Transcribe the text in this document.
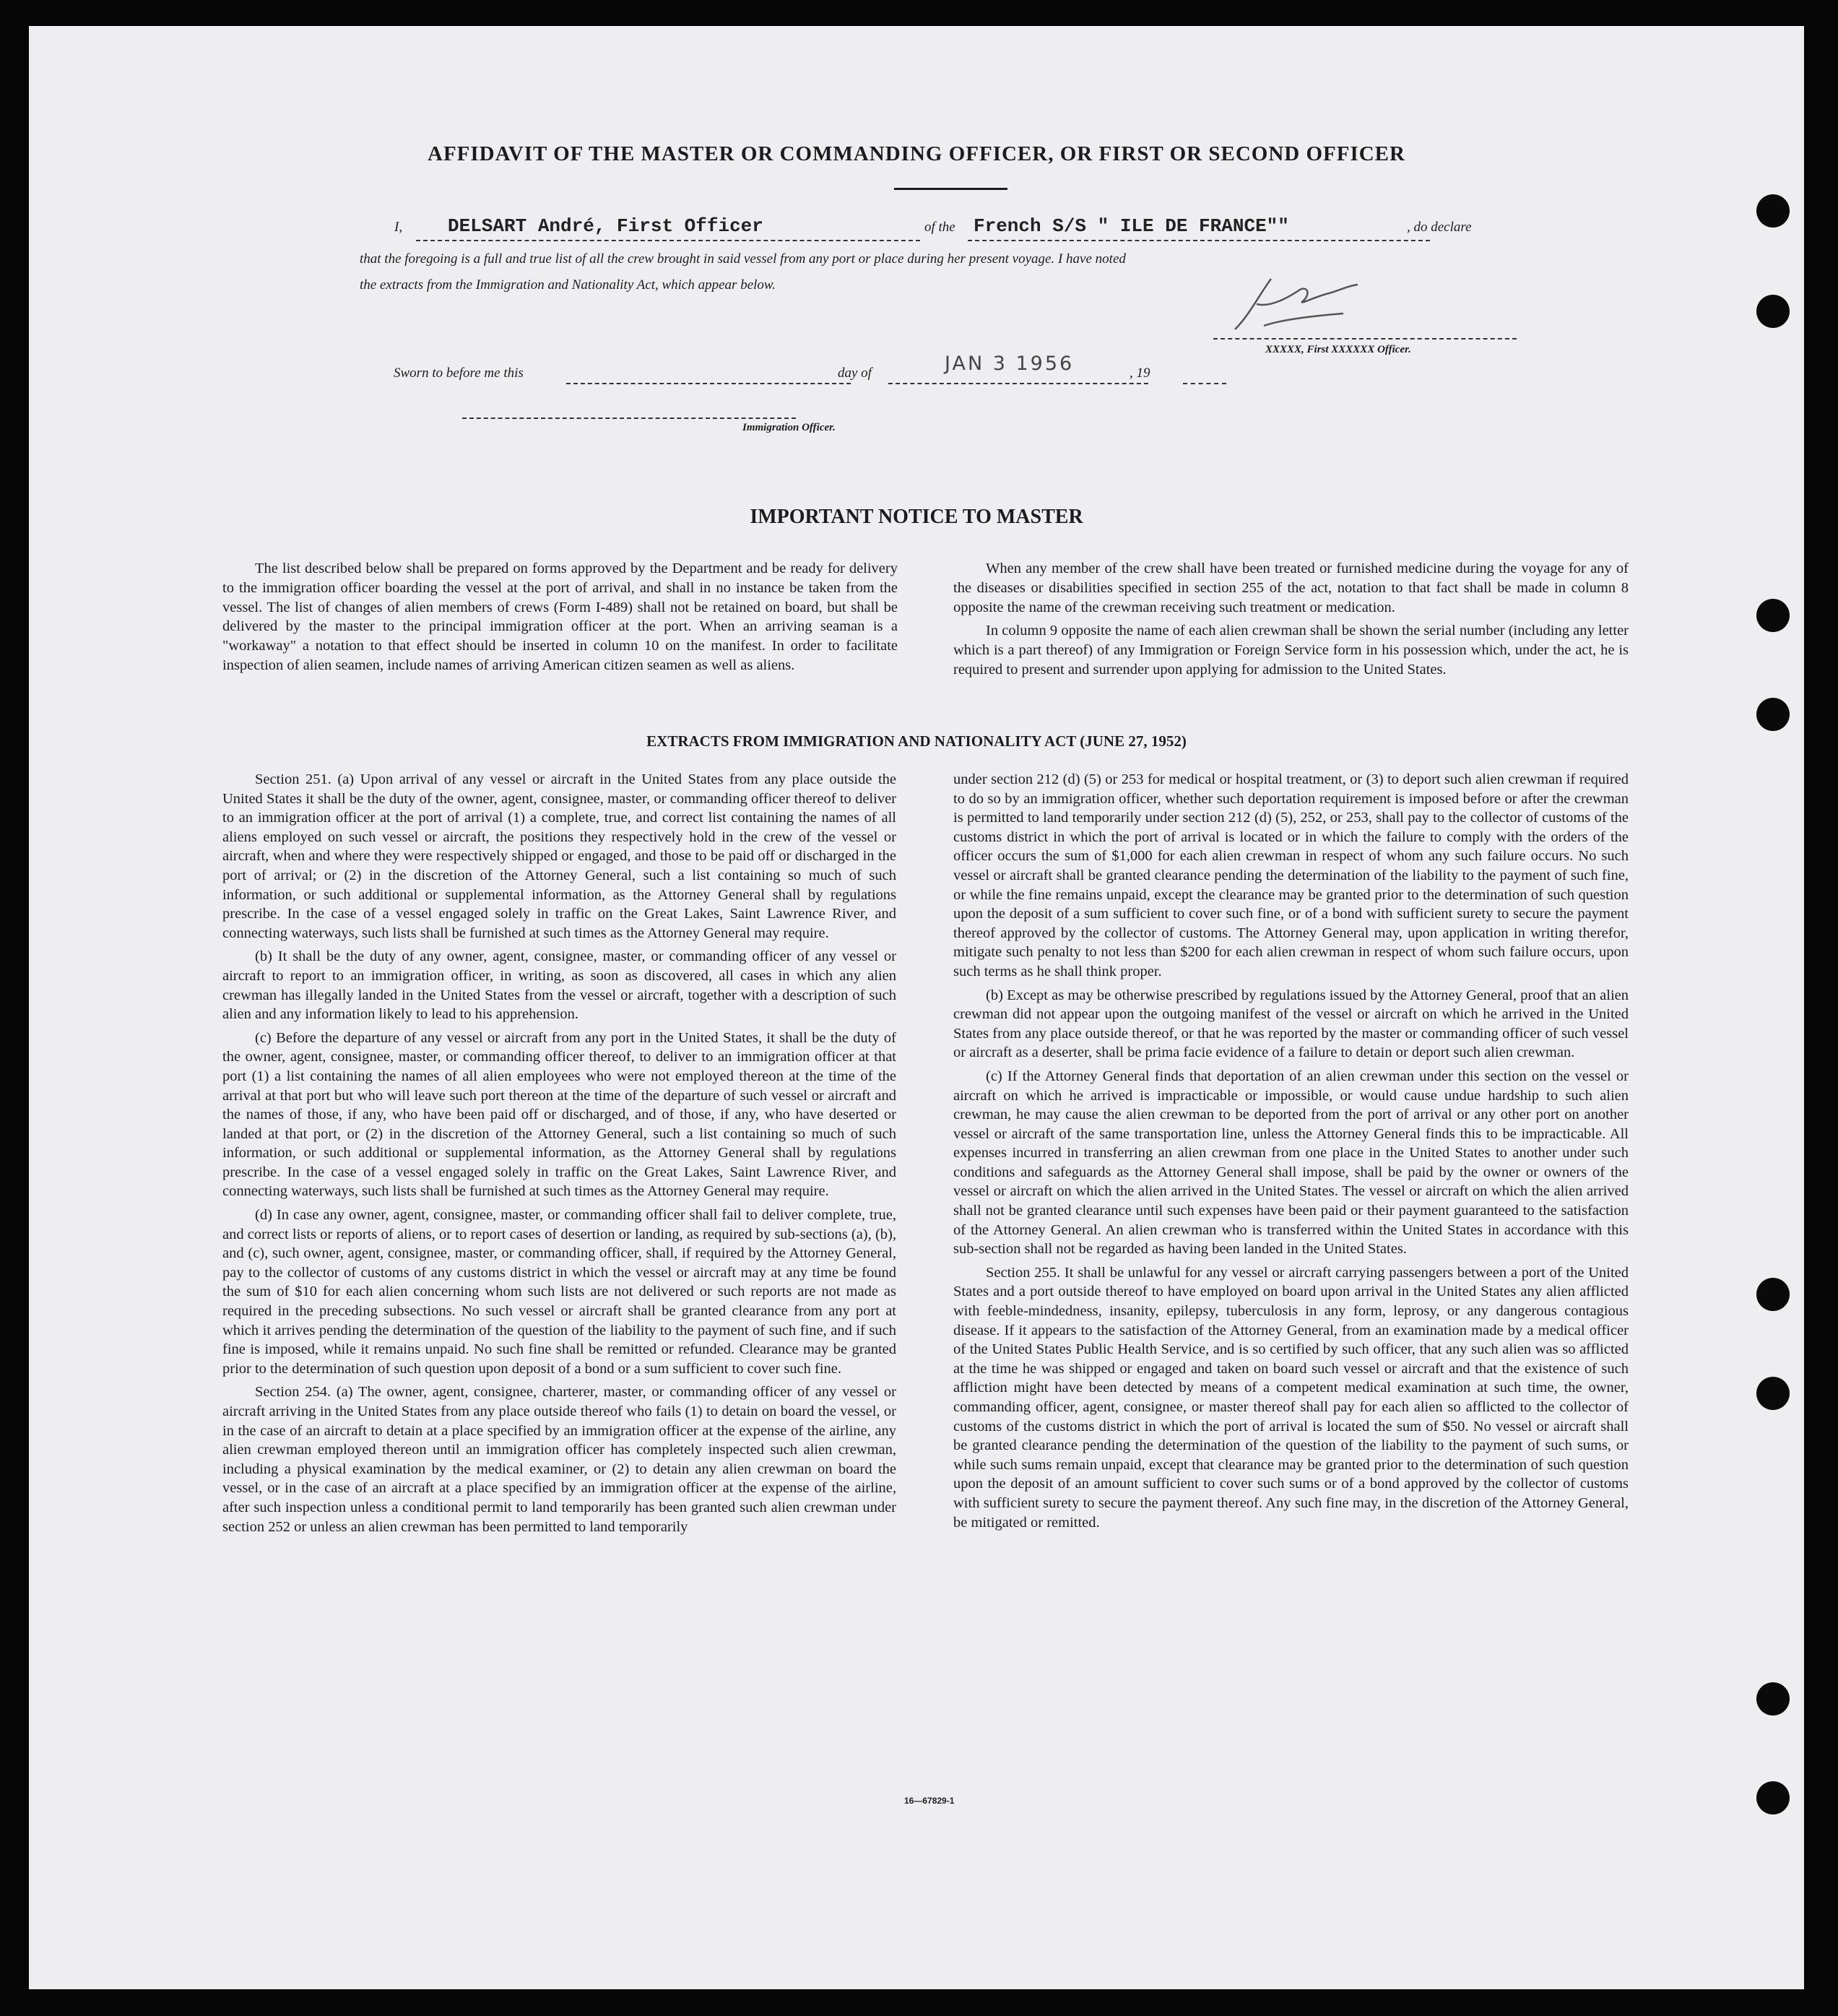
AFFIDAVIT OF THE MASTER OR COMMANDING OFFICER, OR FIRST OR SECOND OFFICER
I, DELSART André, First Officer	of the French S/S " ILE DE FRANCE""	, do declare
that the foregoing is a full and true list of all the crew brought in said vessel from any port or place during her present voyage. I have noted
the extracts from the Immigration and Nationality Act, which appear below.
XXXXX, First XXXXXX Officer.
Sworn to before me this	day of	JAN 3 1956	, 19
Immigration Officer.
IMPORTANT NOTICE TO MASTER

The list described below shall be prepared on forms approved by the Department and be ready for delivery to the immigration officer boarding the vessel at the port of arrival, and shall in no instance be taken from the vessel. The list of changes of alien members of crews (Form I-489) shall not be retained on board, but shall be delivered by the master to the principal immigration officer at the port. When an arriving seaman is a "workaway" a notation to that effect should be inserted in column 10 on the manifest. In order to facilitate inspection of alien seamen, include names of arriving American citizen seamen as well as aliens.

When any member of the crew shall have been treated or furnished medicine during the voyage for any of the diseases or disabilities specified in section 255 of the act, notation to that fact shall be made in column 8 opposite the name of the crewman receiving such treatment or medication.

In column 9 opposite the name of each alien crewman shall be shown the serial number (including any letter which is a part thereof) of any Immigration or Foreign Service form in his possession which, under the act, he is required to present and surrender upon applying for admission to the United States.

EXTRACTS FROM IMMIGRATION AND NATIONALITY ACT (JUNE 27, 1952)

Section 251. (a) Upon arrival of any vessel or aircraft in the United States from any place outside the United States it shall be the duty of the owner, agent, consignee, master, or commanding officer thereof to deliver to an immigration officer at the port of arrival (1) a complete, true, and correct list containing the names of all aliens employed on such vessel or aircraft, the positions they respectively hold in the crew of the vessel or aircraft, when and where they were respectively shipped or engaged, and those to be paid off or discharged in the port of arrival; or (2) in the discretion of the Attorney General, such a list containing so much of such information, or such additional or supplemental information, as the Attorney General shall by regulations prescribe. In the case of a vessel engaged solely in traffic on the Great Lakes, Saint Lawrence River, and connecting waterways, such lists shall be furnished at such times as the Attorney General may require.

(b) It shall be the duty of any owner, agent, consignee, master, or commanding officer of any vessel or aircraft to report to an immigration officer, in writing, as soon as discovered, all cases in which any alien crewman has illegally landed in the United States from the vessel or aircraft, together with a description of such alien and any information likely to lead to his apprehension.

(c) Before the departure of any vessel or aircraft from any port in the United States, it shall be the duty of the owner, agent, consignee, master, or commanding officer thereof, to deliver to an immigration officer at that port (1) a list containing the names of all alien employees who were not employed thereon at the time of the arrival at that port but who will leave such port thereon at the time of the departure of such vessel or aircraft and the names of those, if any, who have been paid off or discharged, and of those, if any, who have deserted or landed at that port, or (2) in the discretion of the Attorney General, such a list containing so much of such information, or such additional or supplemental information, as the Attorney General shall by regulations prescribe. In the case of a vessel engaged solely in traffic on the Great Lakes, Saint Lawrence River, and connecting waterways, such lists shall be furnished at such times as the Attorney General may require.

(d) In case any owner, agent, consignee, master, or commanding officer shall fail to deliver complete, true, and correct lists or reports of aliens, or to report cases of desertion or landing, as required by sub-sections (a), (b), and (c), such owner, agent, consignee, master, or commanding officer, shall, if required by the Attorney General, pay to the collector of customs of any customs district in which the vessel or aircraft may at any time be found the sum of $10 for each alien concerning whom such lists are not delivered or such reports are not made as required in the preceding subsections. No such vessel or aircraft shall be granted clearance from any port at which it arrives pending the determination of the question of the liability to the payment of such fine, and if such fine is imposed, while it remains unpaid. No such fine shall be remitted or refunded. Clearance may be granted prior to the determination of such question upon deposit of a bond or a sum sufficient to cover such fine.

Section 254. (a) The owner, agent, consignee, charterer, master, or commanding officer of any vessel or aircraft arriving in the United States from any place outside thereof who fails (1) to detain on board the vessel, or in the case of an aircraft to detain at a place specified by an immigration officer at the expense of the airline, any alien crewman employed thereon until an immigration officer has completely inspected such alien crewman, including a physical examination by the medical examiner, or (2) to detain any alien crewman on board the vessel, or in the case of an aircraft at a place specified by an immigration officer at the expense of the airline, after such inspection unless a conditional permit to land temporarily has been granted such alien crewman under section 252 or unless an alien crewman has been permitted to land temporarily

under section 212 (d) (5) or 253 for medical or hospital treatment, or (3) to deport such alien crewman if required to do so by an immigration officer, whether such deportation requirement is imposed before or after the crewman is permitted to land temporarily under section 212 (d) (5), 252, or 253, shall pay to the collector of customs of the customs district in which the port of arrival is located or in which the failure to comply with the orders of the officer occurs the sum of $1,000 for each alien crewman in respect of whom any such failure occurs. No such vessel or aircraft shall be granted clearance pending the determination of the liability to the payment of such fine, or while the fine remains unpaid, except the clearance may be granted prior to the determination of such question upon the deposit of a sum sufficient to cover such fine, or of a bond with sufficient surety to secure the payment thereof approved by the collector of customs. The Attorney General may, upon application in writing therefor, mitigate such penalty to not less than $200 for each alien crewman in respect of whom such failure occurs, upon such terms as he shall think proper.

(b) Except as may be otherwise prescribed by regulations issued by the Attorney General, proof that an alien crewman did not appear upon the outgoing manifest of the vessel or aircraft on which he arrived in the United States from any place outside thereof, or that he was reported by the master or commanding officer of such vessel or aircraft as a deserter, shall be prima facie evidence of a failure to detain or deport such alien crewman.

(c) If the Attorney General finds that deportation of an alien crewman under this section on the vessel or aircraft on which he arrived is impracticable or impossible, or would cause undue hardship to such alien crewman, he may cause the alien crewman to be deported from the port of arrival or any other port on another vessel or aircraft of the same transportation line, unless the Attorney General finds this to be impracticable. All expenses incurred in transferring an alien crewman from one place in the United States to another under such conditions and safeguards as the Attorney General shall impose, shall be paid by the owner or owners of the vessel or aircraft on which the alien arrived in the United States. The vessel or aircraft on which the alien arrived shall not be granted clearance until such expenses have been paid or their payment guaranteed to the satisfaction of the Attorney General. An alien crewman who is transferred within the United States in accordance with this sub-section shall not be regarded as having been landed in the United States.

Section 255. It shall be unlawful for any vessel or aircraft carrying passengers between a port of the United States and a port outside thereof to have employed on board upon arrival in the United States any alien afflicted with feeble-mindedness, insanity, epilepsy, tuberculosis in any form, leprosy, or any dangerous contagious disease. If it appears to the satisfaction of the Attorney General, from an examination made by a medical officer of the United States Public Health Service, and is so certified by such officer, that any such alien was so afflicted at the time he was shipped or engaged and taken on board such vessel or aircraft and that the existence of such affliction might have been detected by means of a competent medical examination at such time, the owner, commanding officer, agent, consignee, or master thereof shall pay for each alien so afflicted to the collector of customs of the customs district in which the port of arrival is located the sum of $50. No vessel or aircraft shall be granted clearance pending the determination of the question of the liability to the payment of such sums, or while such sums remain unpaid, except that clearance may be granted prior to the determination of such question upon the deposit of an amount sufficient to cover such sums or of a bond approved by the collector of customs with sufficient surety to secure the payment thereof. Any such fine may, in the discretion of the Attorney General, be mitigated or remitted.

16—67829-1
